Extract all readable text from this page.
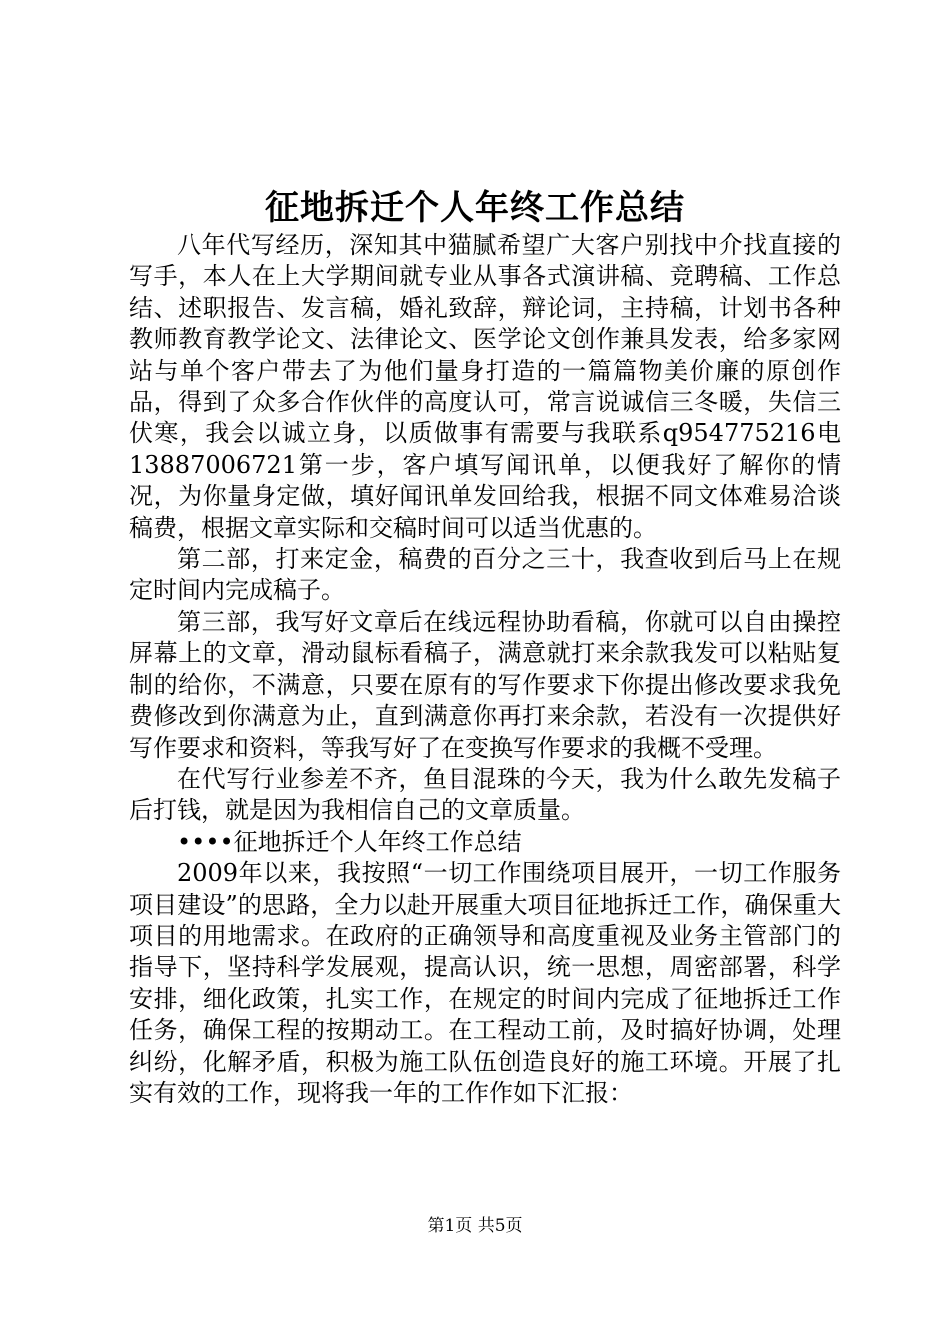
征地拆迁个人年终工作总结

八年代写经历，深知其中猫腻希望广大客户别找中介找直接的写手，本人在上大学期间就专业从事各式演讲稿、竞聘稿、工作总结、述职报告、发言稿，婚礼致辞，辩论词，主持稿，计划书各种教师教育教学论文、法律论文、医学论文创作兼具发表，给多家网站与单个客户带去了为他们量身打造的一篇篇物美价廉的原创作品，得到了众多合作伙伴的高度认可，常言说诚信三冬暖，失信三伏寒，我会以诚立身，以质做事有需要与我联系q954775216电13887006721第一步，客户填写闻讯单，以便我好了解你的情况，为你量身定做，填好闻讯单发回给我，根据不同文体难易洽谈稿费，根据文章实际和交稿时间可以适当优惠的。

第二部，打来定金，稿费的百分之三十，我查收到后马上在规定时间内完成稿子。

第三部，我写好文章后在线远程协助看稿，你就可以自由操控屏幕上的文章，滑动鼠标看稿子，满意就打来余款我发可以粘贴复制的给你，不满意，只要在原有的写作要求下你提出修改要求我免费修改到你满意为止，直到满意你再打来余款，若没有一次提供好写作要求和资料，等我写好了在变换写作要求的我概不受理。

在代写行业参差不齐，鱼目混珠的今天，我为什么敢先发稿子后打钱，就是因为我相信自己的文章质量。

••••征地拆迁个人年终工作总结

2009年以来，我按照“一切工作围绕项目展开，一切工作服务项目建设”的思路，全力以赴开展重大项目征地拆迁工作，确保重大项目的用地需求。在政府的正确领导和高度重视及业务主管部门的指导下，坚持科学发展观，提高认识，统一思想，周密部署，科学安排，细化政策，扎实工作，在规定的时间内完成了征地拆迁工作任务，确保工程的按期动工。在工程动工前，及时搞好协调，处理纠纷，化解矛盾，积极为施工队伍创造良好的施工环境。开展了扎实有效的工作，现将我一年的工作作如下汇报：

第1页 共5页
